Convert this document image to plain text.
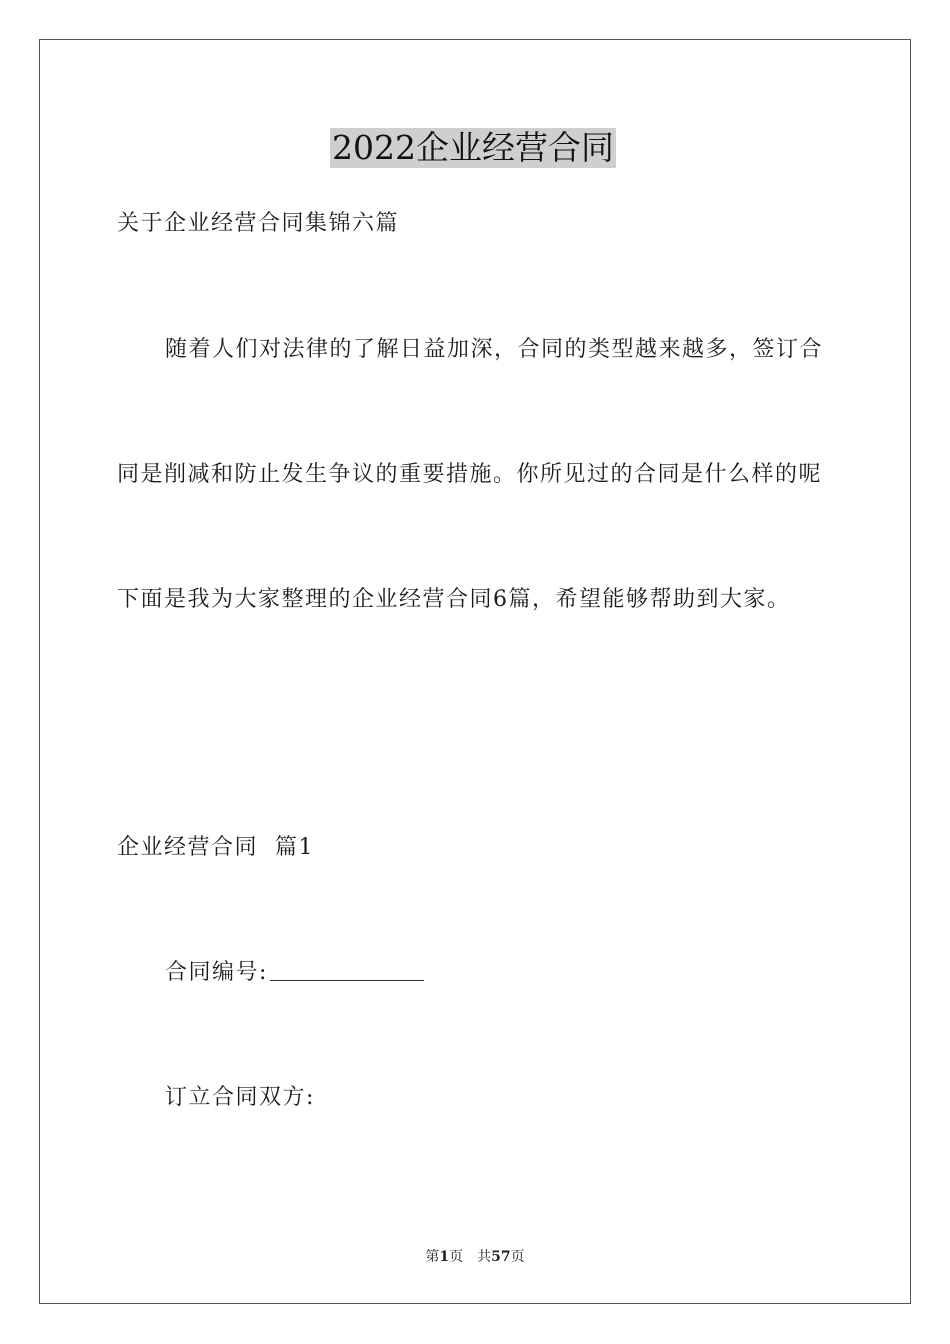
2022企业经营合同
关于企业经营合同集锦六篇
随着人们对法律的了解日益加深，合同的类型越来越多，签订合
同是削减和防止发生争议的重要措施。你所见过的合同是什么样的呢
下面是我为大家整理的企业经营合同6篇，希望能够帮助到大家。
企业经营合同  篇1
合同编号:
订立合同双方:
第1页 共57页
